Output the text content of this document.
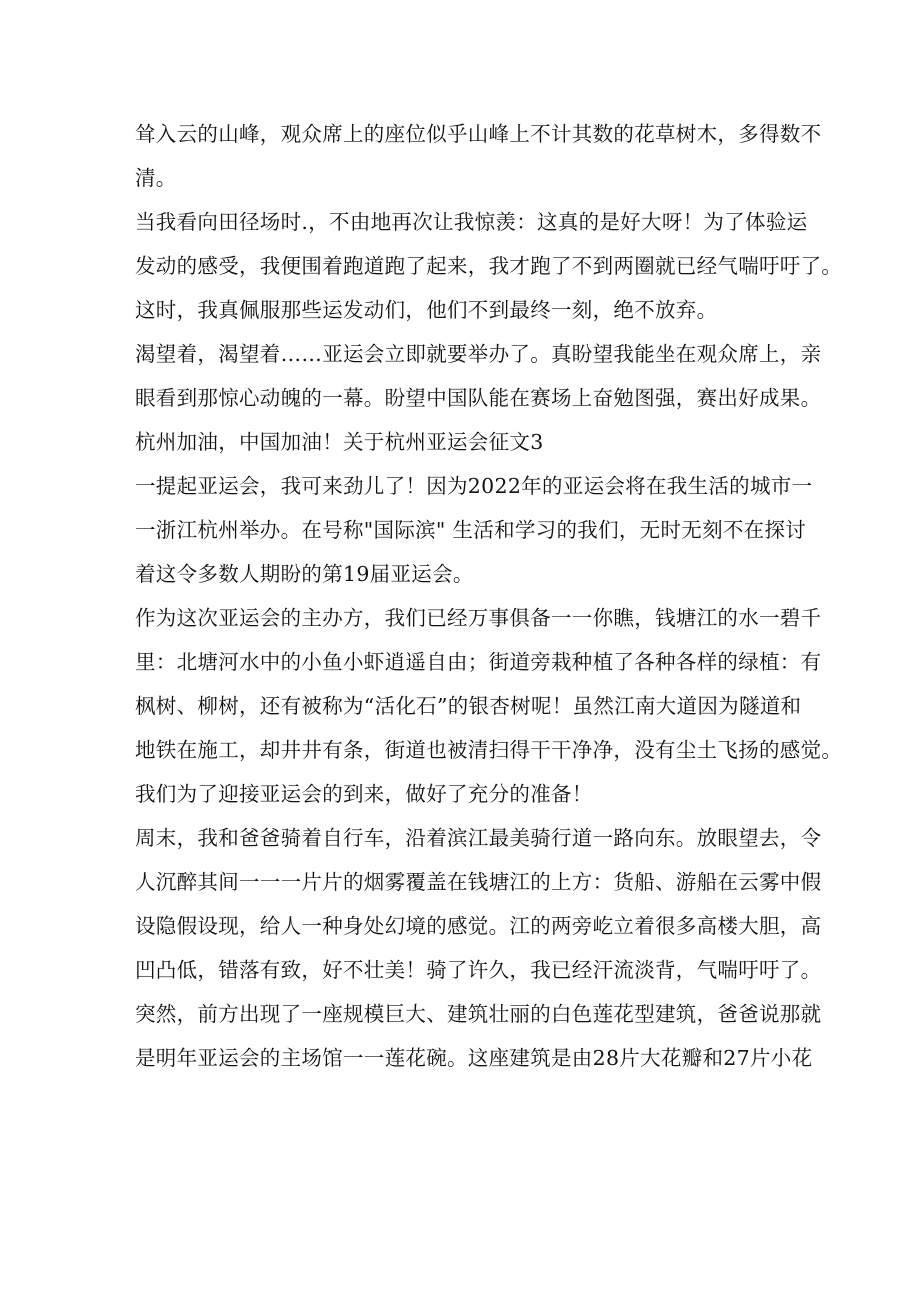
耸入云的山峰，观众席上的座位似乎山峰上不计其数的花草树木，多得数不
清。
当我看向田径场时.，不由地再次让我惊羡：这真的是好大呀！为了体验运
发动的感受，我便围着跑道跑了起来，我才跑了不到两圈就已经气喘吁吁了。
这时，我真佩服那些运发动们，他们不到最终一刻，绝不放弃。
渴望着，渴望着……亚运会立即就要举办了。真盼望我能坐在观众席上，亲
眼看到那惊心动魄的一幕。盼望中国队能在赛场上奋勉图强，赛出好成果。
杭州加油，中国加油！关于杭州亚运会征文3
一提起亚运会，我可来劲儿了！因为2022年的亚运会将在我生活的城市一
一浙江杭州举办。在号称"国际滨" 生活和学习的我们，无时无刻不在探讨
着这令多数人期盼的第19届亚运会。
作为这次亚运会的主办方，我们已经万事俱备一一你瞧，钱塘江的水一碧千
里：北塘河水中的小鱼小虾逍遥自由；街道旁栽种植了各种各样的绿植：有
枫树、柳树，还有被称为“活化石”的银杏树呢！虽然江南大道因为隧道和
地铁在施工，却井井有条，街道也被清扫得干干净净，没有尘土飞扬的感觉。
我们为了迎接亚运会的到来，做好了充分的准备！
周末，我和爸爸骑着自行车，沿着滨江最美骑行道一路向东。放眼望去，令
人沉醉其间一一一片片的烟雾覆盖在钱塘江的上方：货船、游船在云雾中假
设隐假设现，给人一种身处幻境的感觉。江的两旁屹立着很多高楼大胆，高
凹凸低，错落有致，好不壮美！骑了许久，我已经汗流淡背，气喘吁吁了。
突然，前方出现了一座规模巨大、建筑壮丽的白色莲花型建筑，爸爸说那就
是明年亚运会的主场馆一一莲花碗。这座建筑是由28片大花瓣和27片小花
